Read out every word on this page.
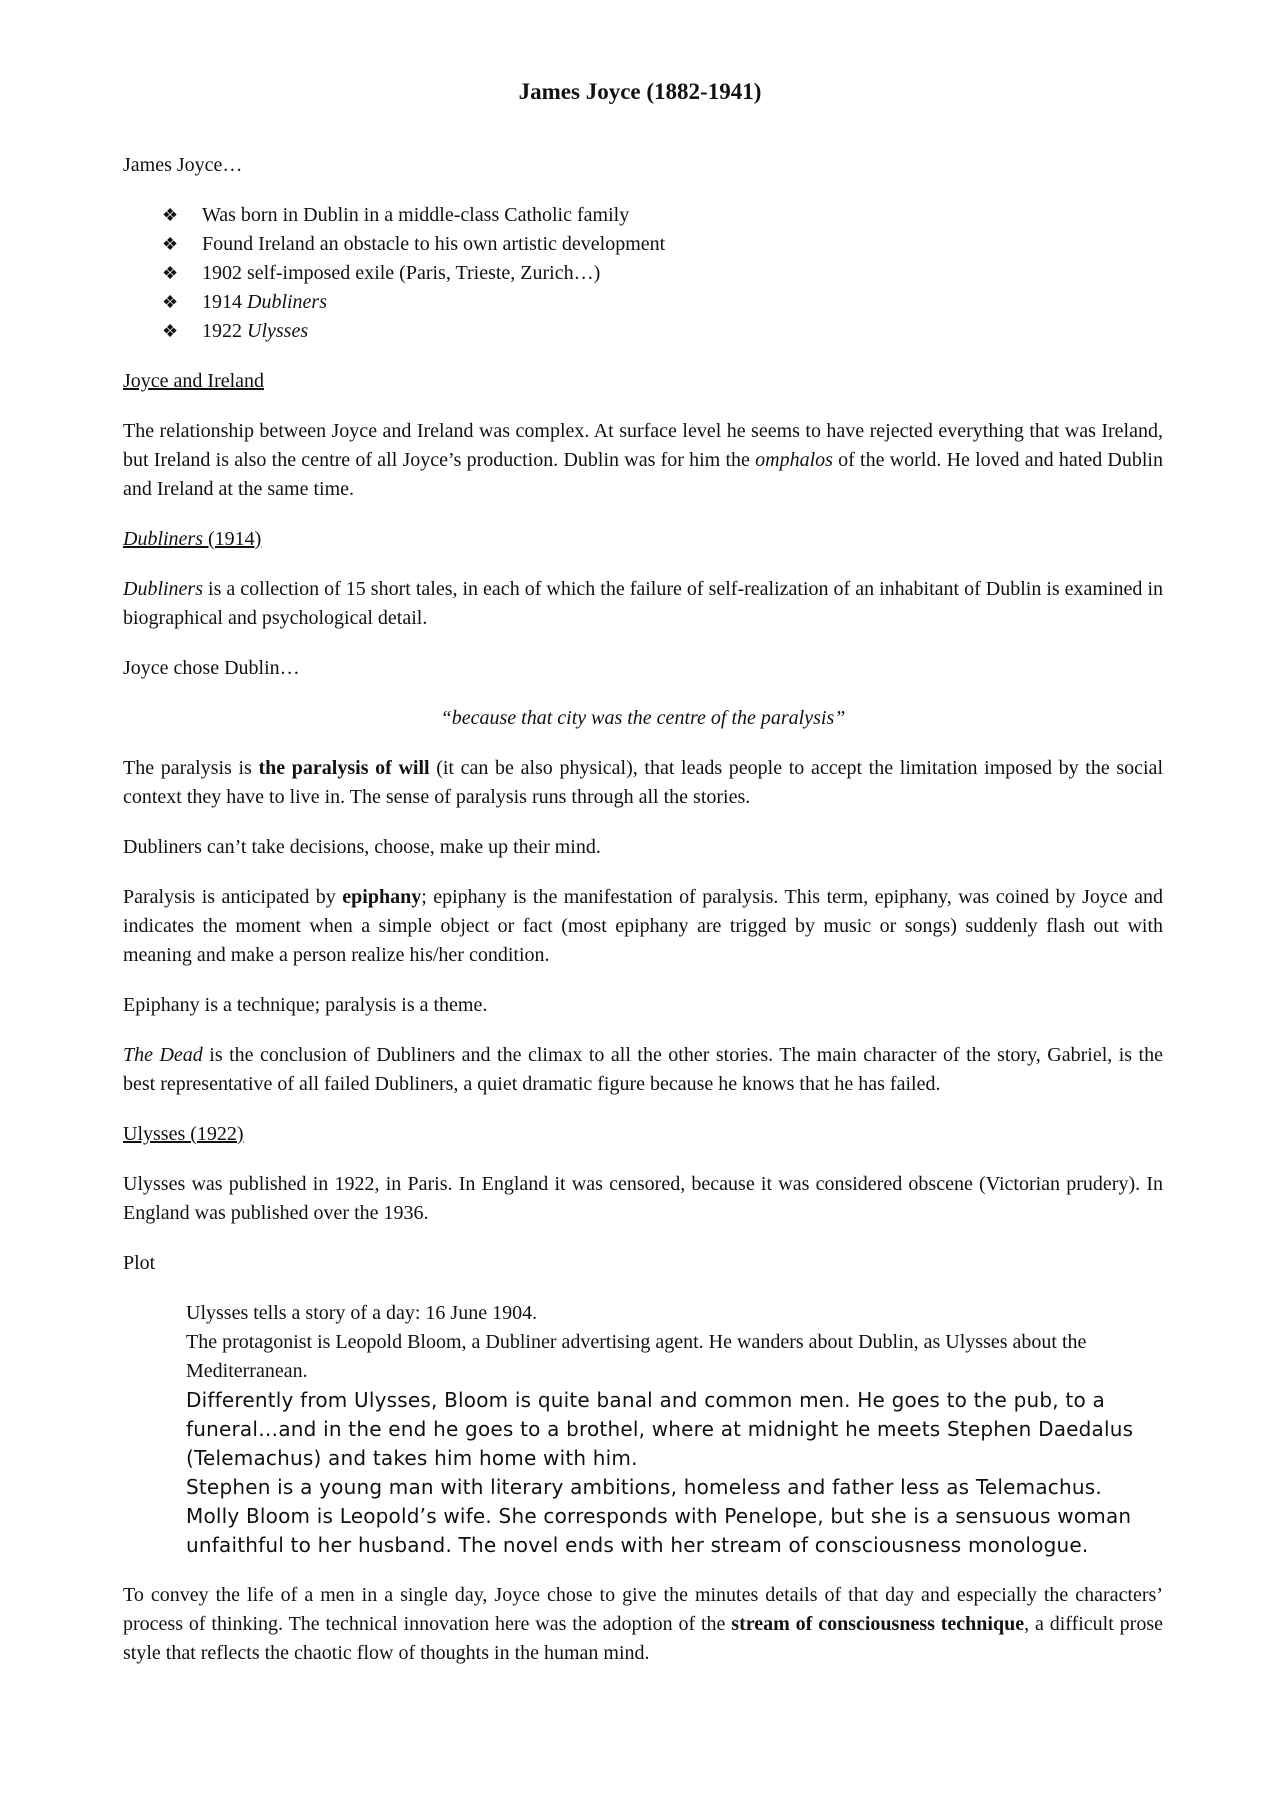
James Joyce (1882-1941)

James Joyce…

❖	Was born in Dublin in a middle-class Catholic family
❖	Found Ireland an obstacle to his own artistic development
❖	1902 self-imposed exile (Paris, Trieste, Zurich…)
❖	1914 Dubliners
❖	1922 Ulysses

Joyce and Ireland

The relationship between Joyce and Ireland was complex. At surface level he seems to have rejected everything that was Ireland, but Ireland is also the centre of all Joyce’s production. Dublin was for him the omphalos of the world. He loved and hated Dublin and Ireland at the same time.

Dubliners (1914)

Dubliners is a collection of 15 short tales, in each of which the failure of self-realization of an inhabitant of Dublin is examined in biographical and psychological detail.

Joyce chose Dublin…

“because that city was the centre of the paralysis”

The paralysis is the paralysis of will (it can be also physical), that leads people to accept the limitation imposed by the social context they have to live in. The sense of paralysis runs through all the stories.

Dubliners can’t take decisions, choose, make up their mind.

Paralysis is anticipated by epiphany; epiphany is the manifestation of paralysis. This term, epiphany, was coined by Joyce and indicates the moment when a simple object or fact (most epiphany are trigged by music or songs) suddenly flash out with meaning and make a person realize his/her condition.

Epiphany is a technique; paralysis is a theme.

The Dead is the conclusion of Dubliners and the climax to all the other stories. The main character of the story, Gabriel, is the best representative of all failed Dubliners, a quiet dramatic figure because he knows that he has failed.

Ulysses (1922)

Ulysses was published in 1922, in Paris. In England it was censored, because it was considered obscene (Victorian prudery). In England was published over the 1936.

Plot

Ulysses tells a story of a day: 16 June 1904.

The protagonist is Leopold Bloom, a Dubliner advertising agent. He wanders about Dublin, as Ulysses about the Mediterranean.

Differently from Ulysses, Bloom is quite banal and common men. He goes to the pub, to a funeral…and in the end he goes to a brothel, where at midnight he meets Stephen Daedalus (Telemachus) and takes him home with him.

Stephen is a young man with literary ambitions, homeless and father less as Telemachus.

Molly Bloom is Leopold’s wife. She corresponds with Penelope, but she is a sensuous woman unfaithful to her husband. The novel ends with her stream of consciousness monologue.

To convey the life of a men in a single day, Joyce chose to give the minutes details of that day and especially the characters’ process of thinking. The technical innovation here was the adoption of the stream of consciousness technique, a difficult prose style that reflects the chaotic flow of thoughts in the human mind.
